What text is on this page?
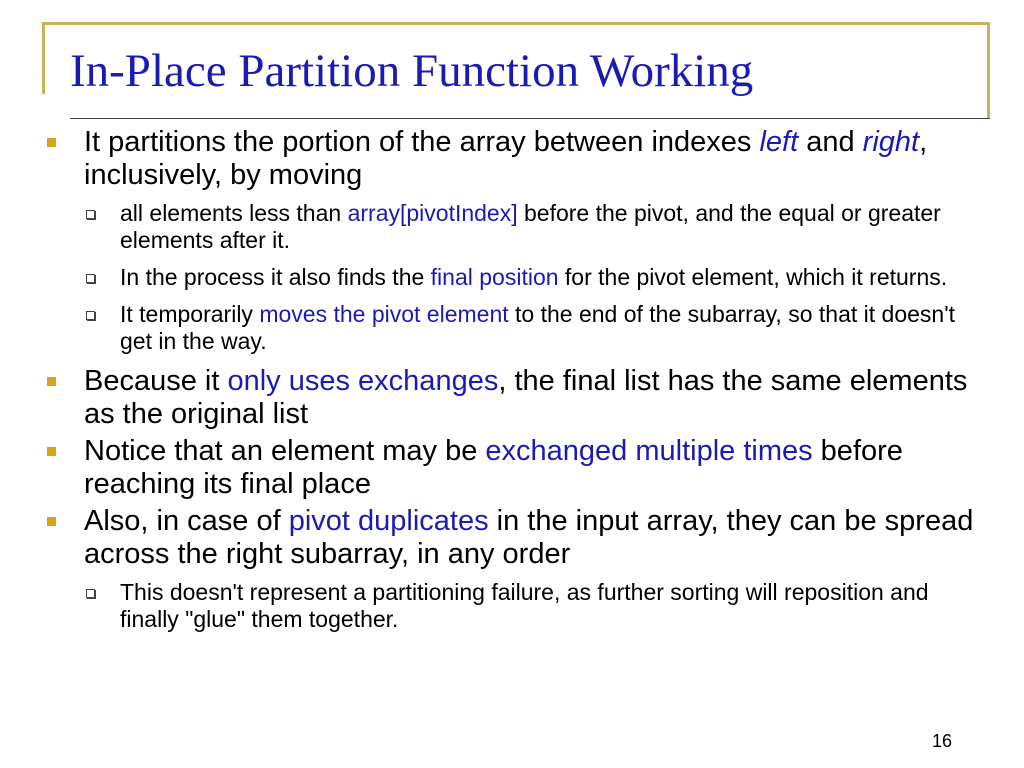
In-Place Partition Function Working
It partitions the portion of the array between indexes left and right, inclusively, by moving
all elements less than array[pivotIndex] before the pivot, and the equal or greater elements after it.
In the process it also finds the final position for the pivot element, which it returns.
It temporarily moves the pivot element to the end of the subarray, so that it doesn't get in the way.
Because it only uses exchanges, the final list has the same elements as the original list
Notice that an element may be exchanged multiple times before reaching its final place
Also, in case of pivot duplicates in the input array, they can be spread across the right subarray, in any order
This doesn't represent a partitioning failure, as further sorting will reposition and finally "glue" them together.
16
